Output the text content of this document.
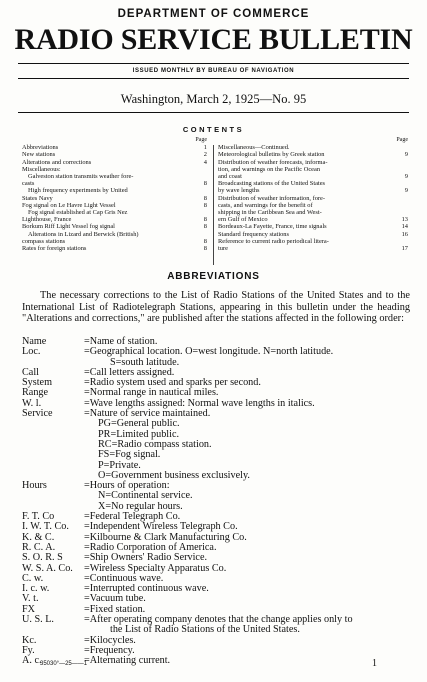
DEPARTMENT OF COMMERCE
RADIO SERVICE BULLETIN
ISSUED MONTHLY BY BUREAU OF NAVIGATION
Washington, March 2, 1925—No. 95
CONTENTS
Page
Abbreviations	1
New stations	2
Alterations and corrections	4
Miscellaneous:
Galveston station transmits weather fore-
casts	8
High frequency experiments by United
States Navy	8
Fog signal on Le Havre Light Vessel	8
Fog signal established at Cap Gris Nez
Lighthouse, France	8
Borkum Riff Light Vessel fog signal	8
Alterations in Lizard and Berwick (British)
compass stations	8
Rates for foreign stations	8
Page
Miscellaneous—Continued.
Meteorological bulletins by Greek station	9
Distribution of weather forecasts, informa-
tion, and warnings on the Pacific Ocean
and coast	9
Broadcasting stations of the United States
by wave lengths	9
Distribution of weather information, fore-
casts, and warnings for the benefit of
shipping in the Caribbean Sea and West-
ern Gulf of Mexico	13
Bordeaux-La Fayette, France, time signals	14
Standard frequency stations	16
Reference to current radio periodical litera-
ture	17
ABBREVIATIONS

The necessary corrections to the List of Radio Stations of the United States and to the International List of Radiotelegraph Stations, appearing in this bulletin under the heading "Alterations and corrections," are published after the stations affected in the following order:

Name	=Name of station.
Loc.	=Geographical location. O=west longitude. N=north latitude.
S=south latitude.
Call	=Call letters assigned.
System	=Radio system used and sparks per second.
Range	=Normal range in nautical miles.
W. l.	=Wave lengths assigned: Normal wave lengths in italics.
Service	=Nature of service maintained.
PG=General public.
PR=Limited public.
RC=Radio compass station.
FS=Fog signal.
P=Private.
O=Government business exclusively.
Hours	=Hours of operation:
N=Continental service.
X=No regular hours.
F. T. Co	=Federal Telegraph Co.
I. W. T. Co. =Independent Wireless Telegraph Co.
K. & C.	=Kilbourne & Clark Manufacturing Co.
R. C. A.	=Radio Corporation of America.
S. O. R. S =Ship Owners' Radio Service.
W. S. A. Co. =Wireless Specialty Apparatus Co.
C. w.	=Continuous wave.
I. c. w.	=Interrupted continuous wave.
V. t.	=Vacuum tube.
FX	=Fixed station.
U. S. L.	=After operating company denotes that the change applies only to
the List of Radio Stations of the United States.
Kc.	=Kilocycles.
Fy.	=Frequency.
A. c.	=Alternating current.
35030°—25——1	1
